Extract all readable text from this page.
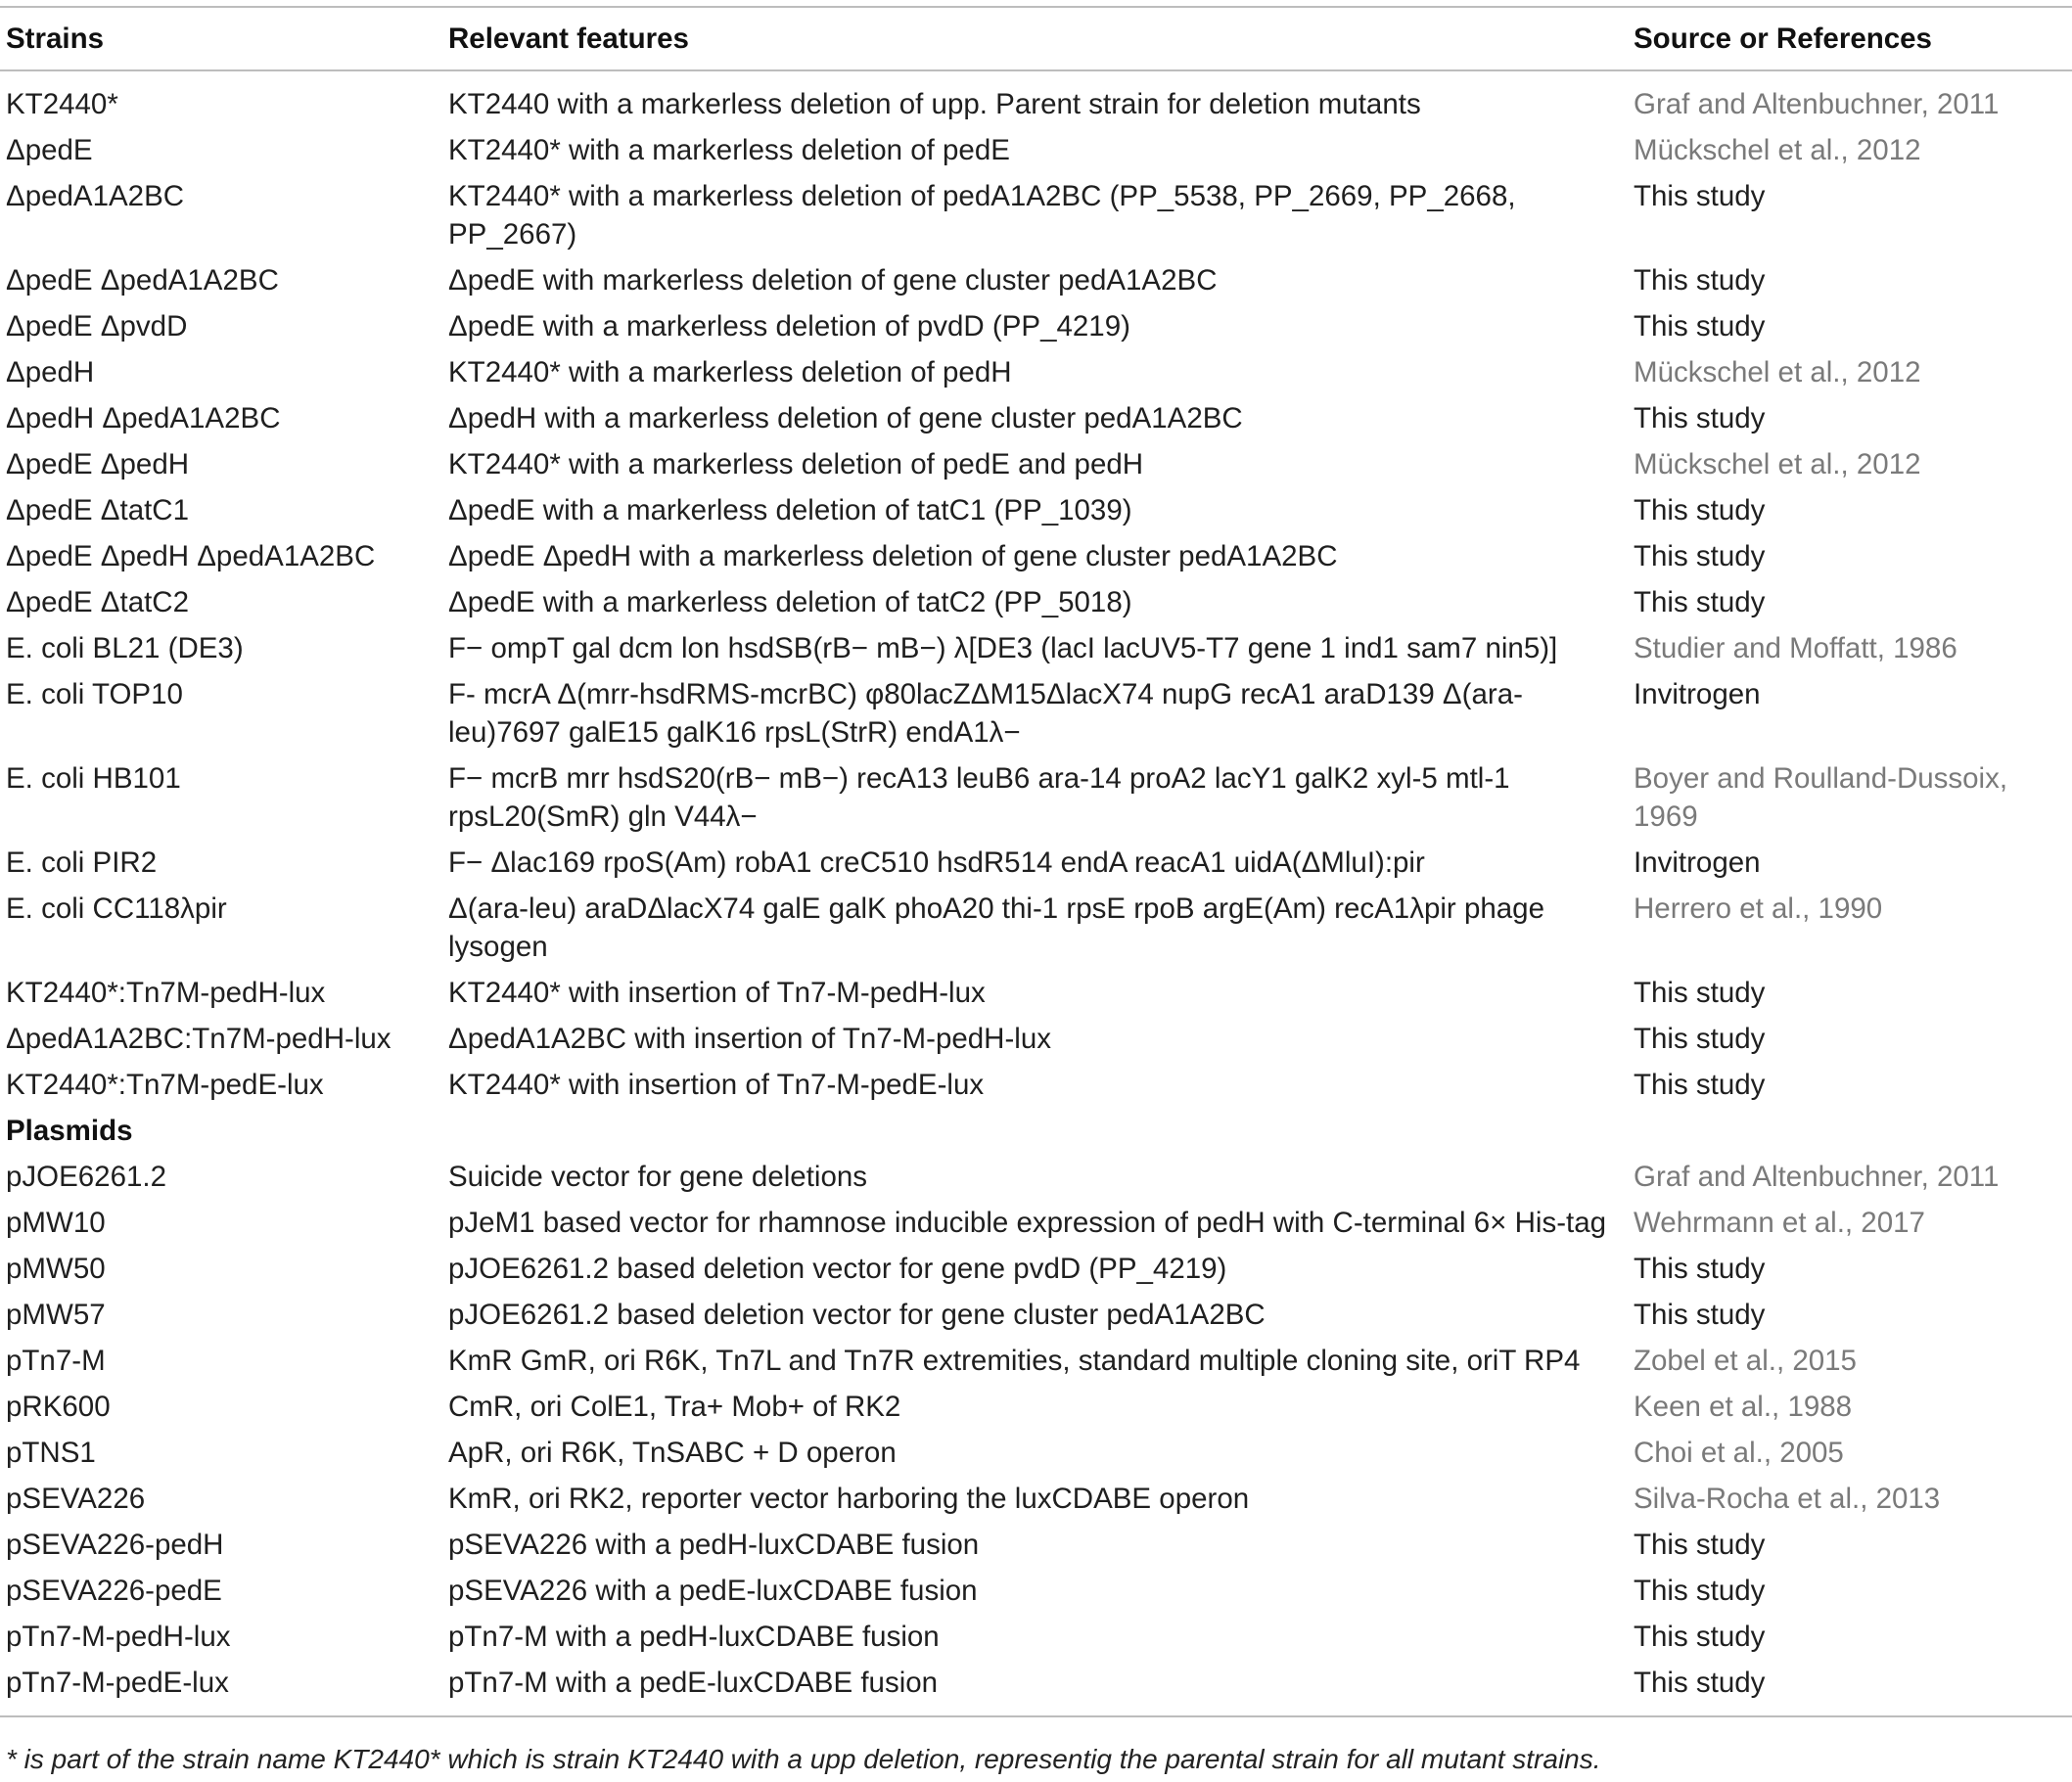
Strains	Relevant features	Source or References
KT2440*	KT2440 with a markerless deletion of upp. Parent strain for deletion mutants	Graf and Altenbuchner, 2011
ΔpedE	KT2440* with a markerless deletion of pedE	Mückschel et al., 2012
ΔpedA1A2BC	KT2440* with a markerless deletion of pedA1A2BC (PP_5538, PP_2669, PP_2668, PP_2667)	This study
ΔpedE ΔpedA1A2BC	ΔpedE with markerless deletion of gene cluster pedA1A2BC	This study
ΔpedE ΔpvdD	ΔpedE with a markerless deletion of pvdD (PP_4219)	This study
ΔpedH	KT2440* with a markerless deletion of pedH	Mückschel et al., 2012
ΔpedH ΔpedA1A2BC	ΔpedH with a markerless deletion of gene cluster pedA1A2BC	This study
ΔpedE ΔpedH	KT2440* with a markerless deletion of pedE and pedH	Mückschel et al., 2012
ΔpedE ΔtatC1	ΔpedE with a markerless deletion of tatC1 (PP_1039)	This study
ΔpedE ΔpedH ΔpedA1A2BC	ΔpedE ΔpedH with a markerless deletion of gene cluster pedA1A2BC	This study
ΔpedE ΔtatC2	ΔpedE with a markerless deletion of tatC2 (PP_5018)	This study
E. coli BL21 (DE3)	F− ompT gal dcm lon hsdSB(rB− mB−) λ[DE3 (lacI lacUV5-T7 gene 1 ind1 sam7 nin5)]	Studier and Moffatt, 1986
E. coli TOP10	F- mcrA Δ(mrr-hsdRMS-mcrBC) φ80lacZΔM15ΔlacX74 nupG recA1 araD139 Δ(ara-leu)7697 galE15 galK16 rpsL(StrR) endA1λ−	Invitrogen
E. coli HB101	F− mcrB mrr hsdS20(rB− mB−) recA13 leuB6 ara-14 proA2 lacY1 galK2 xyl-5 mtl-1 rpsL20(SmR) gln V44λ−	Boyer and Roulland-Dussoix, 1969
E. coli PIR2	F− Δlac169 rpoS(Am) robA1 creC510 hsdR514 endA reacA1 uidA(ΔMluI):pir	Invitrogen
E. coli CC118λpir	Δ(ara-leu) araDΔlacX74 galE galK phoA20 thi-1 rpsE rpoB argE(Am) recA1λpir phage lysogen	Herrero et al., 1990
KT2440*:Tn7M-pedH-lux	KT2440* with insertion of Tn7-M-pedH-lux	This study
ΔpedA1A2BC:Tn7M-pedH-lux	ΔpedA1A2BC with insertion of Tn7-M-pedH-lux	This study
KT2440*:Tn7M-pedE-lux	KT2440* with insertion of Tn7-M-pedE-lux	This study
Plasmids		
pJOE6261.2	Suicide vector for gene deletions	Graf and Altenbuchner, 2011
pMW10	pJeM1 based vector for rhamnose inducible expression of pedH with C-terminal 6× His-tag	Wehrmann et al., 2017
pMW50	pJOE6261.2 based deletion vector for gene pvdD (PP_4219)	This study
pMW57	pJOE6261.2 based deletion vector for gene cluster pedA1A2BC	This study
pTn7-M	KmR GmR, ori R6K, Tn7L and Tn7R extremities, standard multiple cloning site, oriT RP4	Zobel et al., 2015
pRK600	CmR, ori ColE1, Tra+ Mob+ of RK2	Keen et al., 1988
pTNS1	ApR, ori R6K, TnSABC + D operon	Choi et al., 2005
pSEVA226	KmR, ori RK2, reporter vector harboring the luxCDABE operon	Silva-Rocha et al., 2013
pSEVA226-pedH	pSEVA226 with a pedH-luxCDABE fusion	This study
pSEVA226-pedE	pSEVA226 with a pedE-luxCDABE fusion	This study
pTn7-M-pedH-lux	pTn7-M with a pedH-luxCDABE fusion	This study
pTn7-M-pedE-lux	pTn7-M with a pedE-luxCDABE fusion	This study
* is part of the strain name KT2440* which is strain KT2440 with a upp deletion, representig the parental strain for all mutant strains.
